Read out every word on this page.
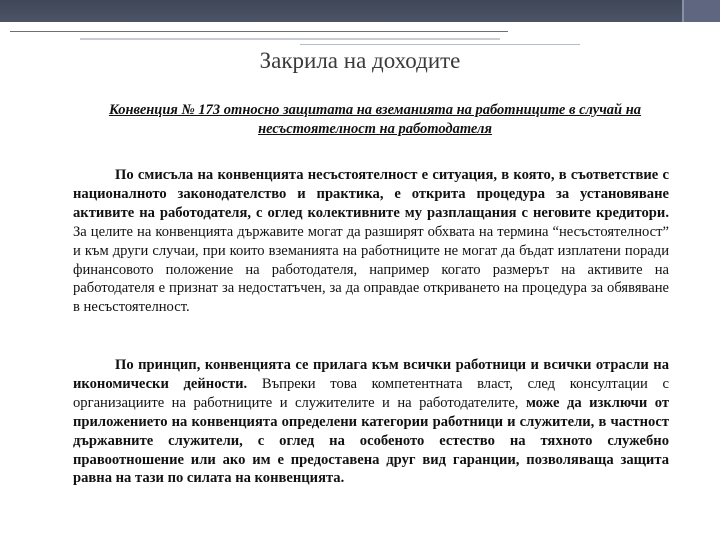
Закрила на доходите
Конвенция № 173 относно защитата на вземанията на работниците в случай на несъстоятелност на работодателя
По смисъла на конвенцията несъстоятелност е ситуация, в която, в съответствие с националното законодателство и практика, е открита процедура за установяване активите на работодателя, с оглед колективните му разплащания с неговите кредитори. За целите на конвенцията държавите могат да разширят обхвата на термина “несъстоятелност” и към други случаи, при които вземанията на работниците не могат да бъдат изплатени поради финансовото положение на работодателя, например когато размерът на активите на работодателя е признат за недостатъчен, за да оправдае откриването на процедура за обявяване в несъстоятелност.
По принцип, конвенцията се прилага към всички работници и всички отрасли на икономически дейности. Въпреки това компетентната власт, след консултации с организациите на работниците и служителите и на работодателите, може да изключи от приложението на конвенцията определени категории работници и служители, в частност държавните служители, с оглед на особеното естество на тяхното служебно правоотношение или ако им е предоставена друг вид гаранции, позволяваща защита равна на тази по силата на конвенцията.
